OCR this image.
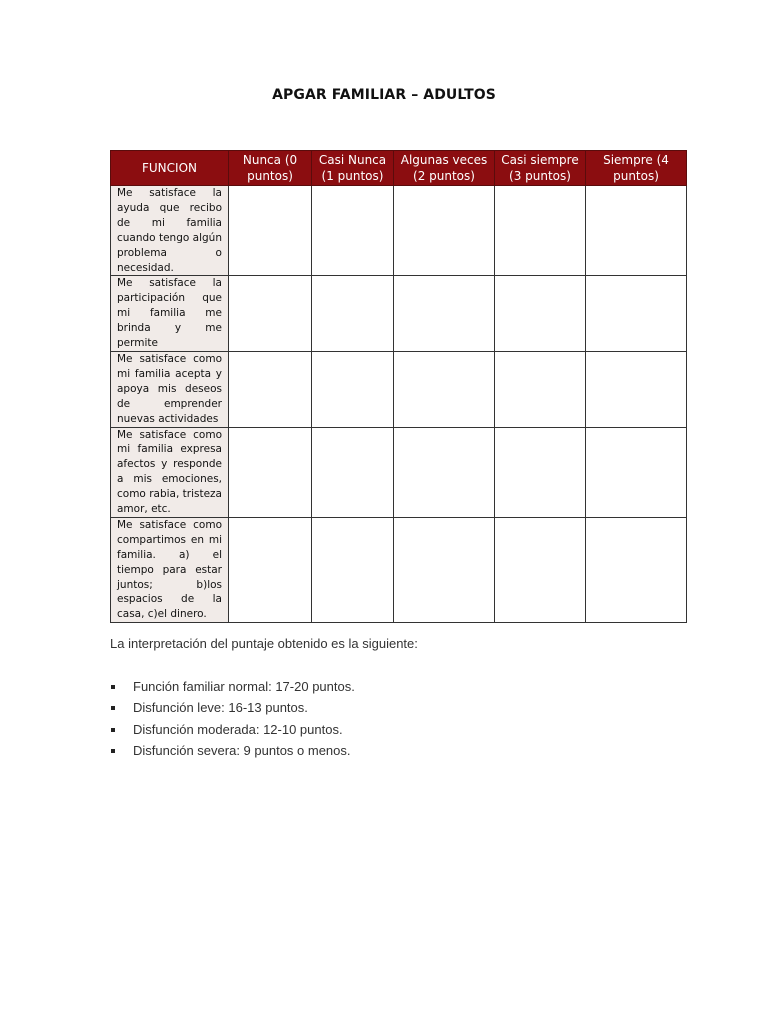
APGAR FAMILIAR – ADULTOS
FUNCION	Nunca (0 puntos)	Casi Nunca (1 puntos)	Algunas veces (2 puntos)	Casi siempre (3 puntos)	Siempre (4 puntos)
Me satisface la ayuda que recibo de mi familia cuando tengo algún problema o necesidad.					
Me satisface la participación que mi familia me brinda y me permite					
Me satisface como mi familia acepta y apoya mis deseos de emprender nuevas actividades					
Me satisface como mi familia expresa afectos y responde a mis emociones, como rabia, tristeza amor, etc.					
Me satisface como compartimos en mi familia. a) el tiempo para estar juntos; b)los espacios de la casa, c)el dinero.					
La interpretación del puntaje obtenido es la siguiente:
Función familiar normal: 17-20 puntos.
Disfunción leve: 16-13 puntos.
Disfunción moderada: 12-10 puntos.
Disfunción severa: 9 puntos o menos.
